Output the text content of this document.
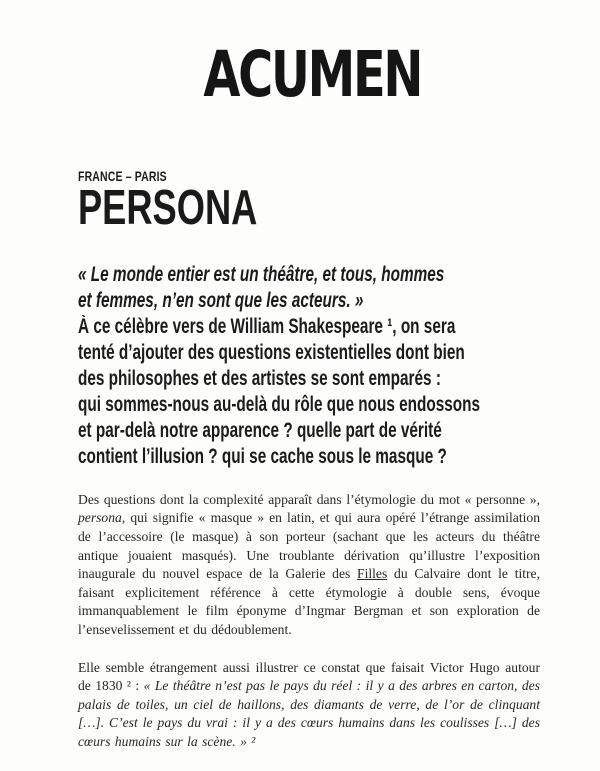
ACUMEN
FRANCE – PARIS
PERSONA
« Le monde entier est un théâtre, et tous, hommes
et femmes, n’en sont que les acteurs. »
À ce célèbre vers de William Shakespeare ¹, on sera
tenté d’ajouter des questions existentielles dont bien
des philosophes et des artistes se sont emparés :
qui sommes-nous au-delà du rôle que nous endossons
et par-delà notre apparence ? quelle part de vérité
contient l’illusion ? qui se cache sous le masque ?

Des questions dont la complexité apparaît dans l’étymologie du mot « personne », persona, qui signifie « masque » en latin, et qui aura opéré l’étrange assimilation de l’accessoire (le masque) à son porteur (sachant que les acteurs du théâtre antique jouaient masqués). Une troublante dérivation qu’illustre l’exposition inaugurale du nouvel espace de la Galerie des Filles du Calvaire dont le titre, faisant explicitement référence à cette étymologie à double sens, évoque immanquablement le film éponyme d’Ingmar Bergman et son exploration de l’ensevelissement et du dédoublement.

Elle semble étrangement aussi illustrer ce constat que faisait Victor Hugo autour de 1830 ² : « Le théâtre n’est pas le pays du réel : il y a des arbres en carton, des palais de toiles, un ciel de haillons, des diamants de verre, de l’or de clinquant […]. C’est le pays du vrai : il y a des cœurs humains dans les coulisses […] des cœurs humains sur la scène. » ²
